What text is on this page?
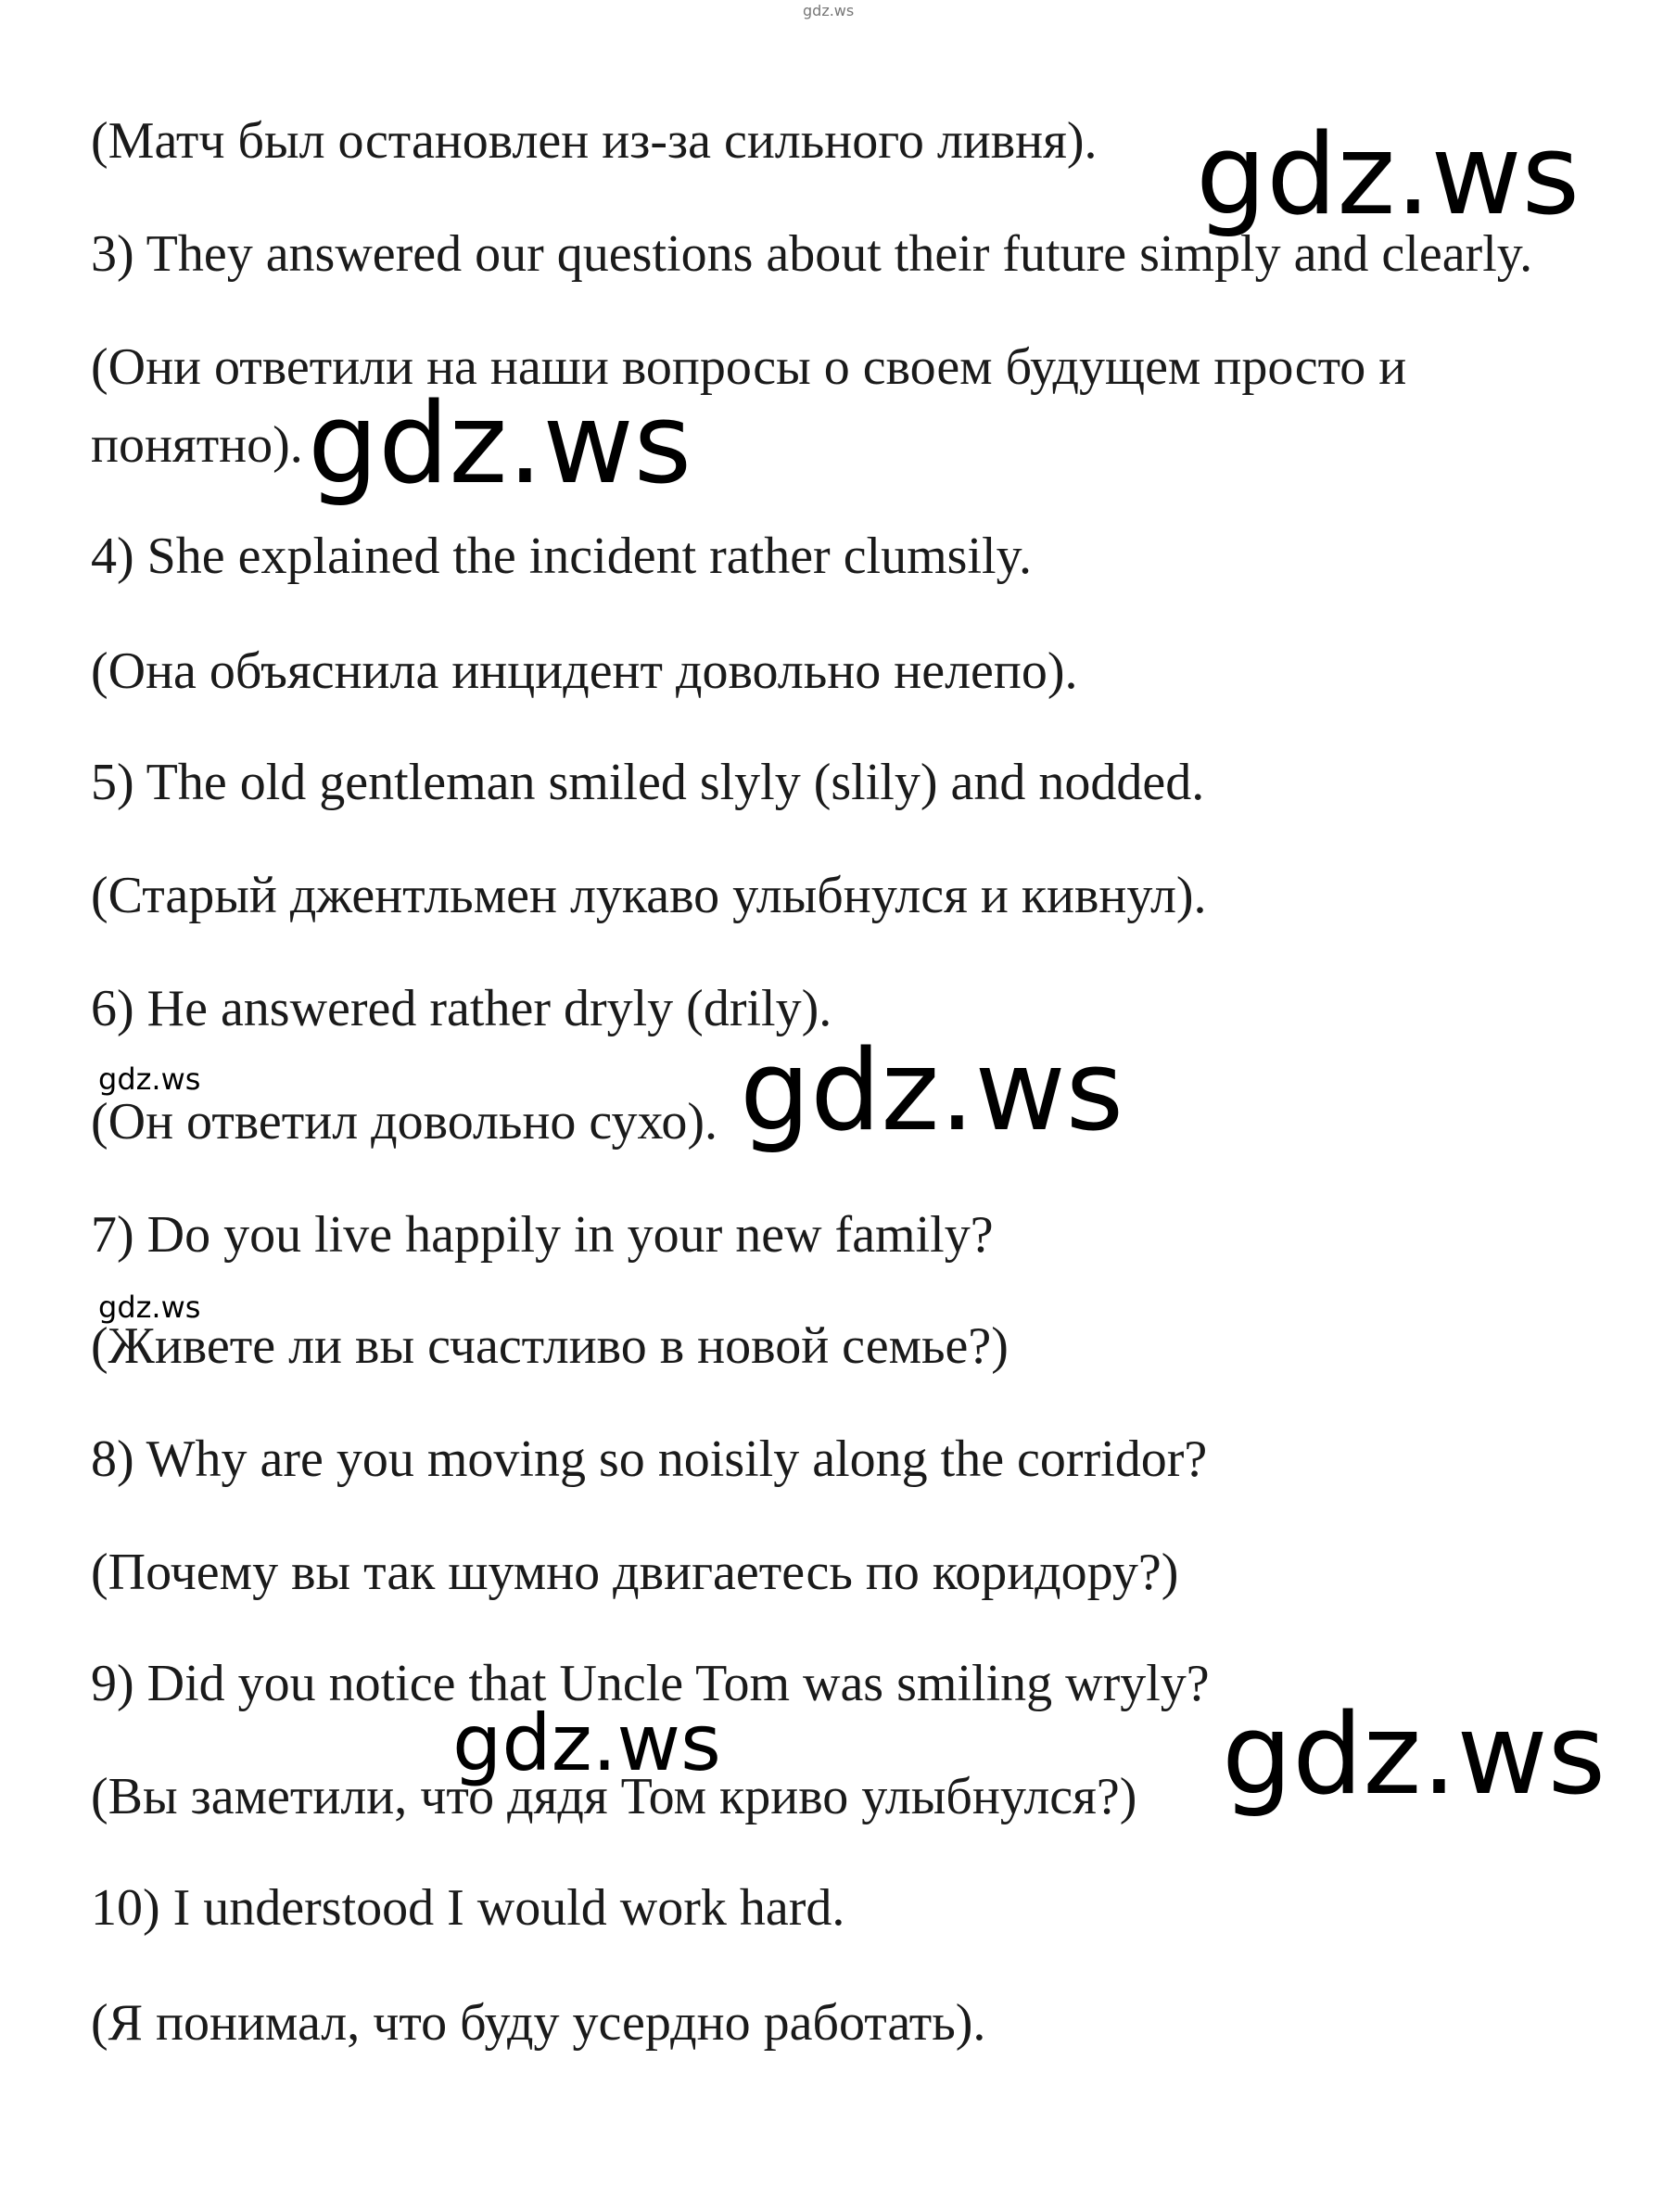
gdz.ws

(Матч был остановлен из-за сильного ливня). gdz.ws

3) They answered our questions about their future simply and clearly.

(Они ответили на наши вопросы о своем будущем просто и

понятно). gdz.ws

4) She explained the incident rather clumsily.

(Она объяснила инцидент довольно нелепо).

5) The old gentleman smiled slyly (slily) and nodded.

(Старый джентльмен лукаво улыбнулся и кивнул).

6) He answered rather dryly (drily).

gdz.ws

(Он ответил довольно сухо). gdz.ws

7) Do you live happily in your new family?

gdz.ws

(Живете ли вы счастливо в новой семье?)

8) Why are you moving so noisily along the corridor?

(Почему вы так шумно двигаетесь по коридору?)

9) Did you notice that Uncle Tom was smiling wryly?

gdz.ws	gdz.ws

(Вы заметили, что дядя Том криво улыбнулся?)

10) I understood I would work hard.

(Я понимал, что буду усердно работать).
